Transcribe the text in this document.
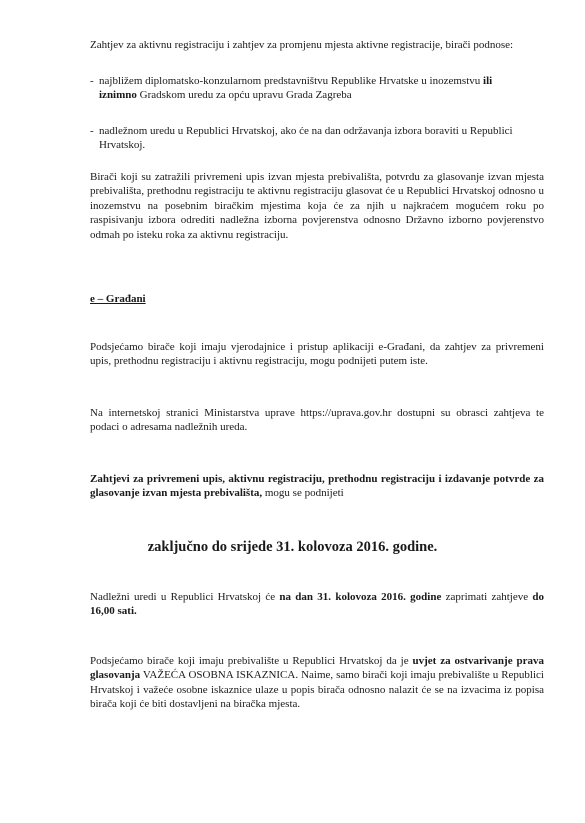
Zahtjev za aktivnu registraciju i zahtjev za promjenu mjesta aktivne registracije, birači podnose:

- najbližem diplomatsko-konzularnom predstavništvu Republike Hrvatske u inozemstvu ili iznimno Gradskom uredu za opću upravu Grada Zagreba

- nadležnom uredu u Republici Hrvatskoj, ako će na dan održavanja izbora boraviti u Republici Hrvatskoj.

Birači koji su zatražili privremeni upis izvan mjesta prebivališta, potvrdu za glasovanje izvan mjesta prebivališta, prethodnu registraciju te aktivnu registraciju glasovat će u Republici Hrvatskoj odnosno u inozemstvu na posebnim biračkim mjestima koja će za njih u najkraćem mogućem roku po raspisivanju izbora odrediti nadležna izborna povjerenstva odnosno Državno izborno povjerenstvo odmah po isteku roka za aktivnu registraciju.

e – Građani

Podsjećamo birače koji imaju vjerodajnice i pristup aplikaciji e-Građani, da zahtjev za privremeni upis, prethodnu registraciju i aktivnu registraciju, mogu podnijeti putem iste.

Na internetskoj stranici Ministarstva uprave https://uprava.gov.hr dostupni su obrasci zahtjeva te podaci o adresama nadležnih ureda.

Zahtjevi za privremeni upis, aktivnu registraciju, prethodnu registraciju i izdavanje potvrde za glasovanje izvan mjesta prebivališta, mogu se podnijeti

zaključno do srijede 31. kolovoza 2016. godine.

Nadležni uredi u Republici Hrvatskoj će na dan 31. kolovoza 2016. godine zaprimati zahtjeve do 16,00 sati.

Podsjećamo birače koji imaju prebivalište u Republici Hrvatskoj da je uvjet za ostvarivanje prava glasovanja VAŽEĆA OSOBNA ISKAZNICA. Naime, samo birači koji imaju prebivalište u Republici Hrvatskoj i važeće osobne iskaznice ulaze u popis birača odnosno nalazit će se na izvacima iz popisa birača koji će biti dostavljeni na biračka mjesta.
